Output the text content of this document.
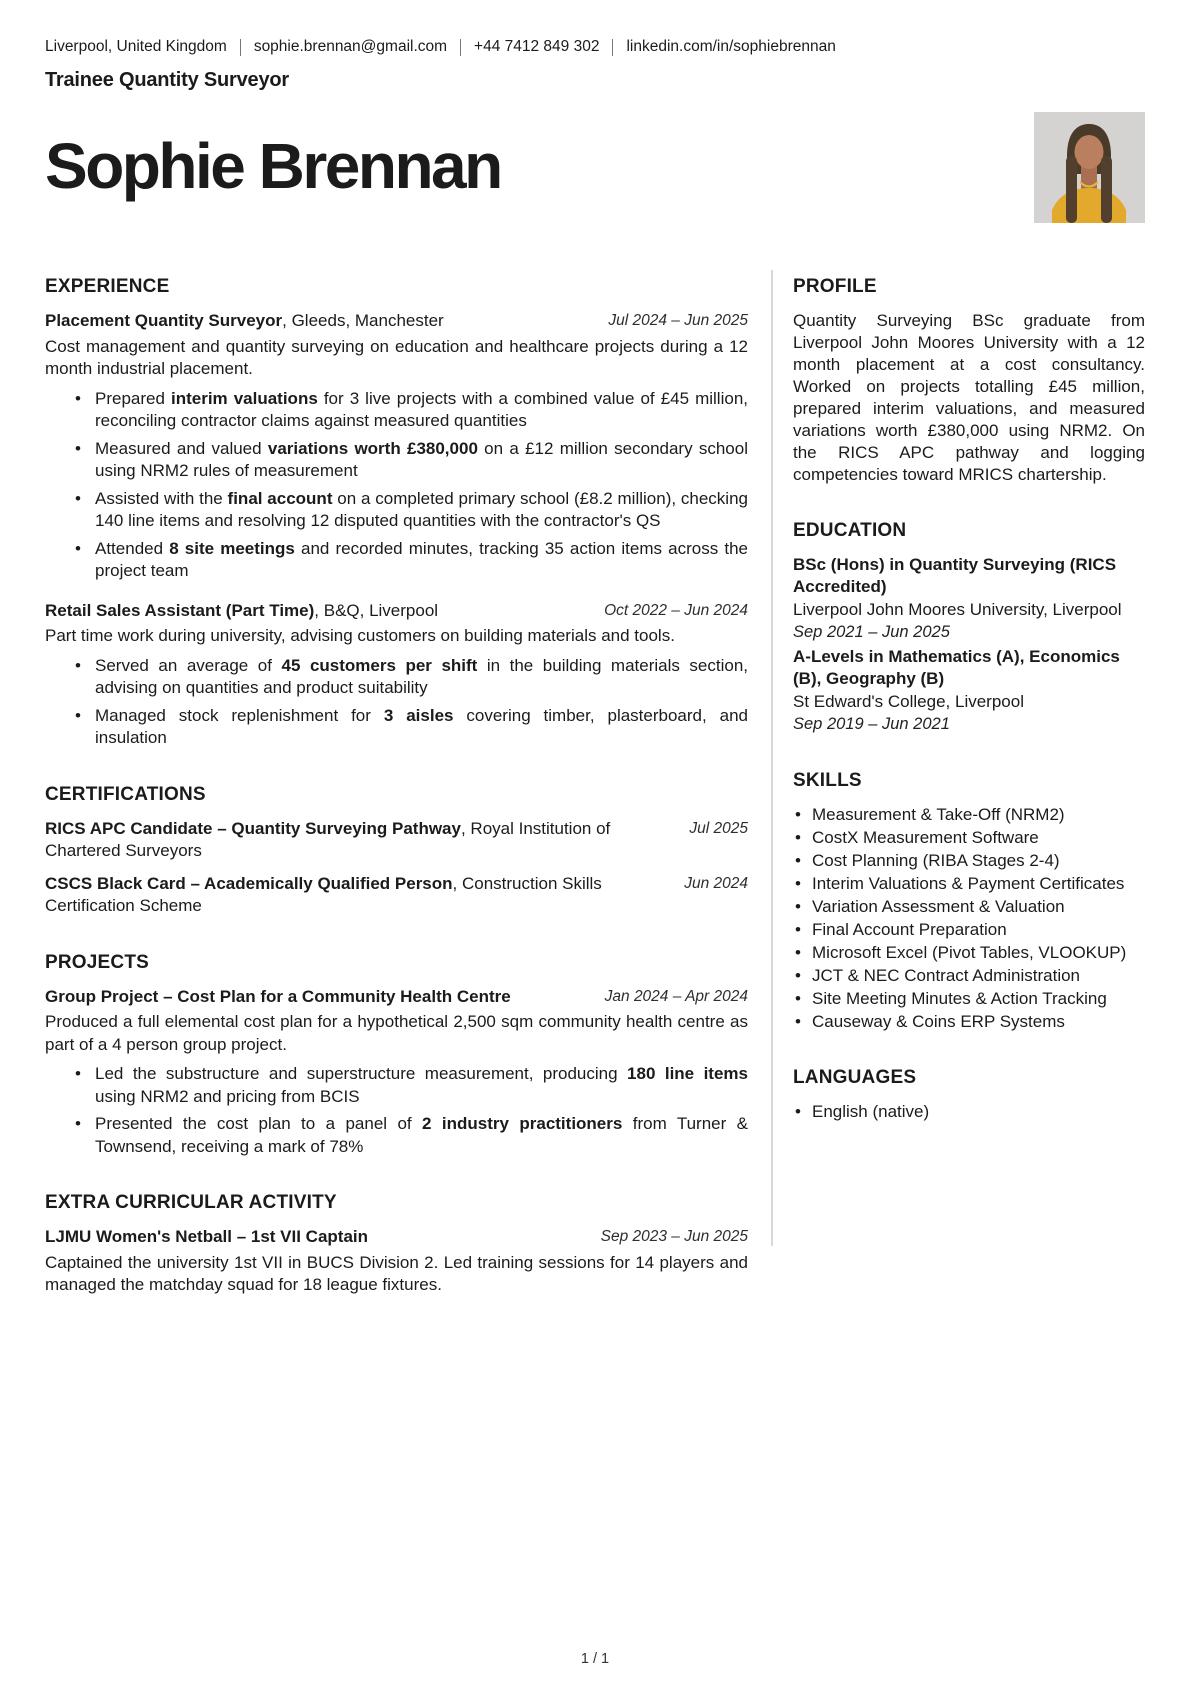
Liverpool, United Kingdom sophie.brennan@gmail.com +44 7412 849 302 linkedin.com/in/sophiebrennan
Trainee Quantity Surveyor
Sophie Brennan
EXPERIENCE
Jul 2024 – Jun 2025
Placement Quantity Surveyor, Gleeds, Manchester

Cost management and quantity surveying on education and healthcare projects during a 12 month industrial placement.

• Prepared interim valuations for 3 live projects with a combined value of £45 million, reconciling contractor claims against measured quantities
• Measured and valued variations worth £380,000 on a £12 million secondary school using NRM2 rules of measurement
• Assisted with the final account on a completed primary school (£8.2 million), checking 140 line items and resolving 12 disputed quantities with the contractor's QS
• Attended 8 site meetings and recorded minutes, tracking 35 action items across the project team
Oct 2022 – Jun 2024
Retail Sales Assistant (Part Time), B&Q, Liverpool

Part time work during university, advising customers on building materials and tools.

• Served an average of 45 customers per shift in the building materials section, advising on quantities and product suitability
• Managed stock replenishment for 3 aisles covering timber, plasterboard, and insulation
CERTIFICATIONS
Jul 2025
RICS APC Candidate – Quantity Surveying Pathway, Royal Institution of Chartered Surveyors
Jun 2024
CSCS Black Card – Academically Qualified Person, Construction Skills Certification Scheme
PROJECTS
Jan 2024 – Apr 2024
Group Project – Cost Plan for a Community Health Centre

Produced a full elemental cost plan for a hypothetical 2,500 sqm community health centre as part of a 4 person group project.

• Led the substructure and superstructure measurement, producing 180 line items using NRM2 and pricing from BCIS
• Presented the cost plan to a panel of 2 industry practitioners from Turner & Townsend, receiving a mark of 78%
EXTRA CURRICULAR ACTIVITY
Sep 2023 – Jun 2025
LJMU Women's Netball – 1st VII Captain

Captained the university 1st VII in BUCS Division 2. Led training sessions for 14 players and managed the matchday squad for 18 league fixtures.

PROFILE

Quantity Surveying BSc graduate from Liverpool John Moores University with a 12 month placement at a cost consultancy. Worked on projects totalling £45 million, prepared interim valuations, and measured variations worth £380,000 using NRM2. On the RICS APC pathway and logging competencies toward MRICS chartership.

EDUCATION
BSc (Hons) in Quantity Surveying (RICS Accredited)
Liverpool John Moores University, Liverpool
Sep 2021 – Jun 2025
A-Levels in Mathematics (A), Economics (B), Geography (B)
St Edward's College, Liverpool
Sep 2019 – Jun 2021
SKILLS
• Measurement & Take-Off (NRM2)
• CostX Measurement Software
• Cost Planning (RIBA Stages 2-4)
• Interim Valuations & Payment Certificates
• Variation Assessment & Valuation
• Final Account Preparation
• Microsoft Excel (Pivot Tables, VLOOKUP)
• JCT & NEC Contract Administration
• Site Meeting Minutes & Action Tracking
• Causeway & Coins ERP Systems
LANGUAGES
• English (native)
1 / 1
